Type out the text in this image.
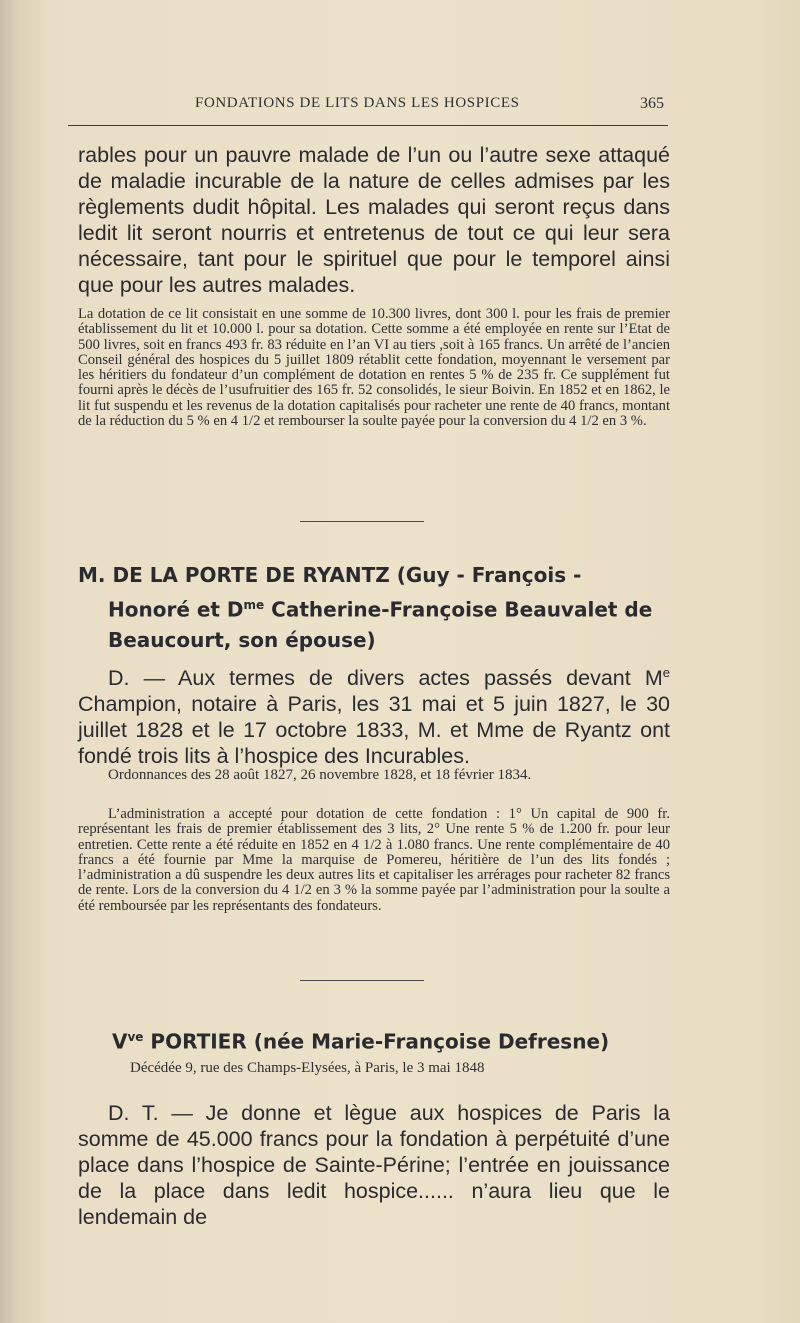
FONDATIONS DE LITS DANS LES HOSPICES	365

rables pour un pauvre malade de l’un ou l’autre sexe attaqué de maladie incurable de la nature de celles admises par les règlements dudit hôpital. Les malades qui seront reçus dans ledit lit seront nourris et entretenus de tout ce qui leur sera nécessaire, tant pour le spirituel que pour le temporel ainsi que pour les autres malades.

La dotation de ce lit consistait en une somme de 10.300 livres, dont 300 l. pour les frais de premier établissement du lit et 10.000 l. pour sa dotation. Cette somme a été employée en rente sur l’Etat de 500 livres, soit en francs 493 fr. 83 réduite en l’an VI au tiers ,soit à 165 francs. Un arrêté de l’ancien Conseil général des hospices du 5 juillet 1809 rétablit cette fondation, moyennant le versement par les héritiers du fondateur d’un complément de dotation en rentes 5 % de 235 fr. Ce supplément fut fourni après le décès de l’usufruitier des 165 fr. 52 consolidés, le sieur Boivin. En 1852 et en 1862, le lit fut suspendu et les revenus de la dotation capitalisés pour racheter une rente de 40 francs, montant de la réduction du 5 % en 4 1/2 et rembourser la soulte payée pour la conversion du 4 1/2 en 3 %.

M. DE LA PORTE DE RYANTZ (Guy - François -
Honoré et $D^{me}$ Catherine-Françoise Beauvalet de
Beaucourt, son épouse)

D. — Aux termes de divers actes passés devant Me Champion, notaire à Paris, les 31 mai et 5 juin 1827, le 30 juillet 1828 et le 17 octobre 1833, M. et Mme de Ryantz ont fondé trois lits à l’hospice des Incurables.

Ordonnances des 28 août 1827, 26 novembre 1828, et 18 février 1834.

L’administration a accepté pour dotation de cette fondation : 1° Un capital de 900 fr. représentant les frais de premier établissement des 3 lits, 2° Une rente 5 % de 1.200 fr. pour leur entretien. Cette rente a été réduite en 1852 en 4 1/2 à 1.080 francs. Une rente complémentaire de 40 francs a été fournie par Mme la marquise de Pomereu, héritière de l’un des lits fondés ; l’administration a dû suspendre les deux autres lits et capitaliser les arrérages pour racheter 82 francs de rente. Lors de la conversion du 4 1/2 en 3 % la somme payée par l’administration pour la soulte a été remboursée par les représentants des fondateurs.

$V^{ve}$ PORTIER (née Marie-Françoise Defresne)
Décédée 9, rue des Champs-Elysées, à Paris, le 3 mai 1848

D. T. — Je donne et lègue aux hospices de Paris la somme de 45.000 francs pour la fondation à perpétuité d’une place dans l’hospice de Sainte-Périne; l’entrée en jouissance de la place dans ledit hospice...... n’aura lieu que le lendemain de
